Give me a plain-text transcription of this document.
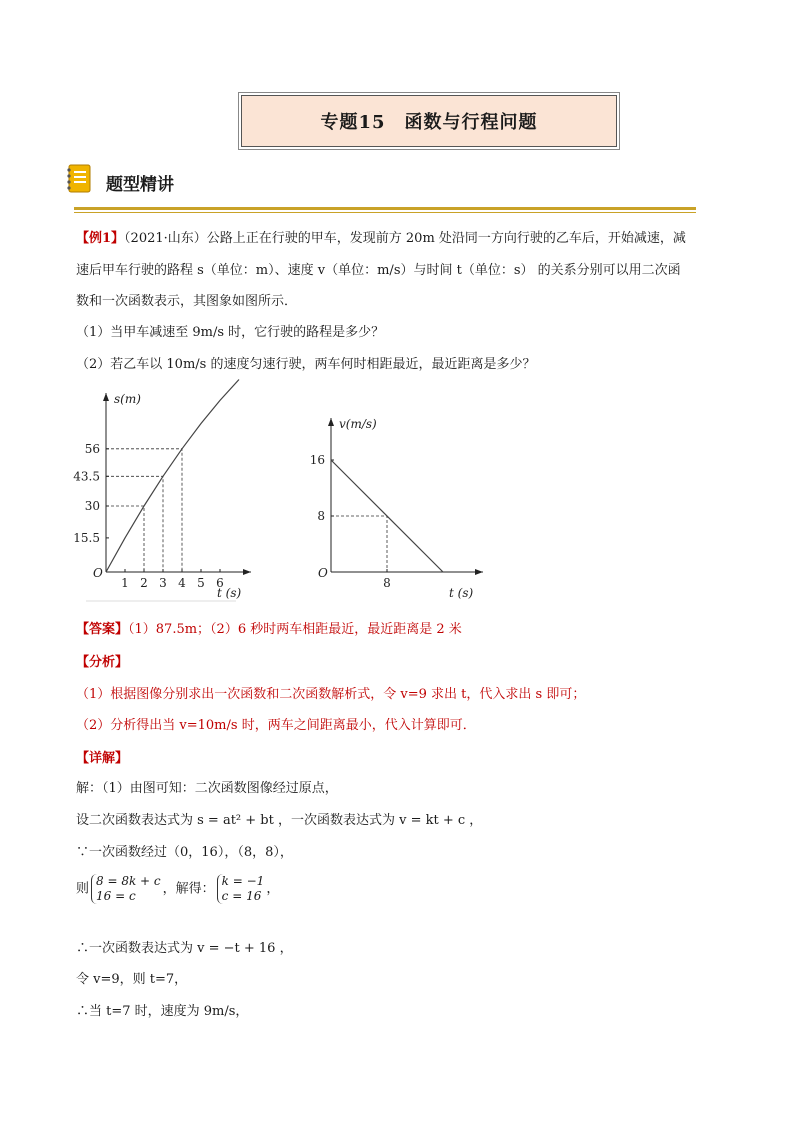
专题15　函数与行程问题
题型精讲
【例1】（2021·山东）公路上正在行驶的甲车，发现前方 20m 处沿同一方向行驶的乙车后，开始减速，减
速后甲车行驶的路程 s（单位：m）、速度 v（单位：m/s）与时间 t（单位：s） 的关系分别可以用二次函
数和一次函数表示，其图象如图所示．
（1）当甲车减速至 9m/s 时，它行驶的路程是多少？
（2）若乙车以 10m/s 的速度匀速行驶，两车何时相距最近，最近距离是多少？
O
s(m)
t (s)
15.5
30
43.5
56
1 2 3 4 5 6
O
v(m/s)
t (s)
8
16
8
【答案】（1）87.5m；（2）6 秒时两车相距最近，最近距离是 2 米
【分析】
（1）根据图像分别求出一次函数和二次函数解析式，令 v=9 求出 t，代入求出 s 即可；
（2）分析得出当 v=10m/s 时，两车之间距离最小，代入计算即可．
【详解】
解：（1）由图可知：二次函数图像经过原点，
设二次函数表达式为 s = at² + bt ，一次函数表达式为 v = kt + c ，
∵一次函数经过（0，16），（8，8），
则8 = 8k + c
16 = c ，解得：k = −1
c = 16 ，
∴一次函数表达式为 v = −t + 16 ，
令 v=9，则 t=7，
∴当 t=7 时，速度为 9m/s，
